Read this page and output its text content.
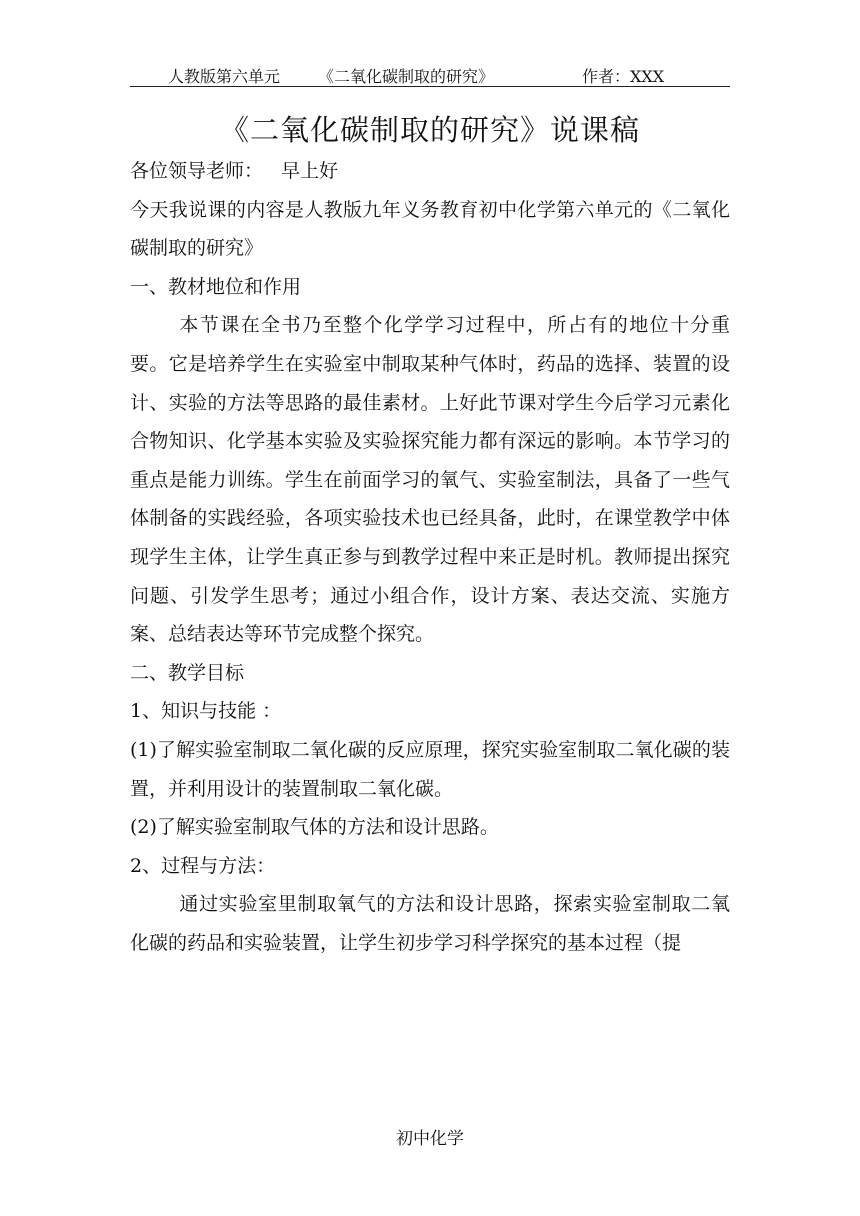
人教版第六单元 《二氧化碳制取的研究》	作者：XXX
《二氧化碳制取的研究》说课稿

各位领导老师：   早上好

今天我说课的内容是人教版九年义务教育初中化学第六单元的《二氧化碳制取的研究》

一、教材地位和作用

本节课在全书乃至整个化学学习过程中，所占有的地位十分重要。它是培养学生在实验室中制取某种气体时，药品的选择、装置的设计、实验的方法等思路的最佳素材。上好此节课对学生今后学习元素化合物知识、化学基本实验及实验探究能力都有深远的影响。本节学习的重点是能力训练。学生在前面学习的氧气、实验室制法，具备了一些气体制备的实践经验，各项实验技术也已经具备，此时，在课堂教学中体现学生主体，让学生真正参与到教学过程中来正是时机。教师提出探究问题、引发学生思考；通过小组合作，设计方案、表达交流、实施方案、总结表达等环节完成整个探究。

二、教学目标

1、知识与技能 ：

(1)了解实验室制取二氧化碳的反应原理，探究实验室制取二氧化碳的装置，并利用设计的装置制取二氧化碳。

(2)了解实验室制取气体的方法和设计思路。

2、过程与方法：

通过实验室里制取氧气的方法和设计思路，探索实验室制取二氧化碳的药品和实验装置，让学生初步学习科学探究的基本过程（提

初中化学
